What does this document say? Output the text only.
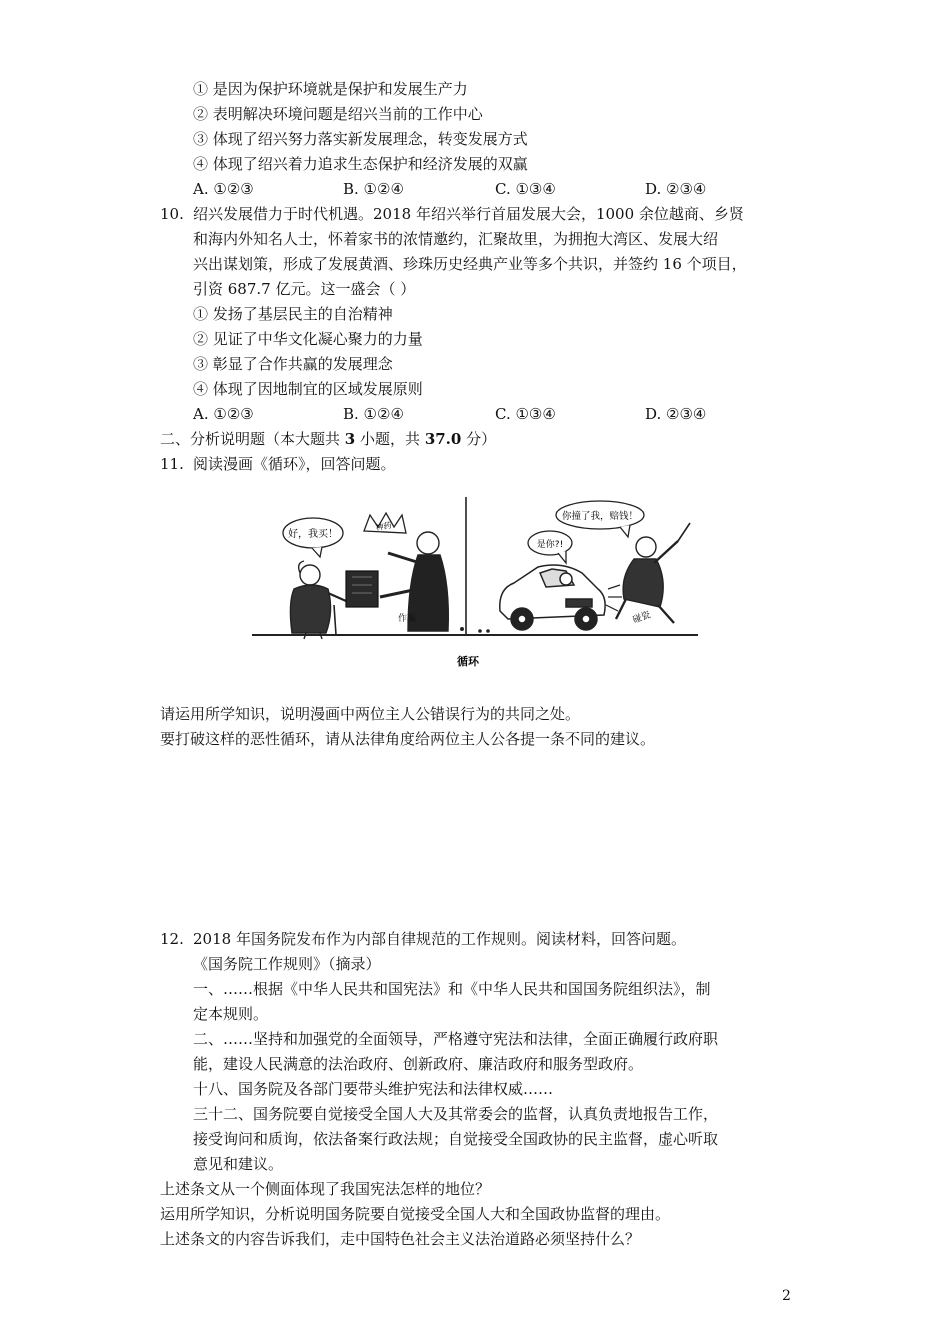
① 是因为保护环境就是保护和发展生产力
② 表明解决环境问题是绍兴当前的工作中心
③ 体现了绍兴努力落实新发展理念，转变发展方式
④ 体现了绍兴着力追求生态保护和经济发展的双赢
A. ①②③	B. ①②④	C. ①③④	D. ②③④
10. 绍兴发展借力于时代机遇。2018 年绍兴举行首届发展大会，1000 余位越商、乡贤
和海内外知名人士，怀着家书的浓情邀约，汇聚故里，为拥抱大湾区、发展大绍
兴出谋划策，形成了发展黄酒、珍珠历史经典产业等多个共识，并签约 16 个项目，
引资 687.7 亿元。这一盛会（ ）
① 发扬了基层民主的自治精神
② 见证了中华文化凝心聚力的力量
③ 彰显了合作共赢的发展理念
④ 体现了因地制宜的区域发展原则
A. ①②③	B. ①②④	C. ①③④	D. ②③④
二、分析说明题（本大题共 3 小题，共 37.0 分）
11. 阅读漫画《循环》，回答问题。
好，我买！
神药
作骗
你撞了我，赔钱！
是你?!
碰瓷
循环
请运用所学知识，说明漫画中两位主人公错误行为的共同之处。
要打破这样的恶性循环，请从法律角度给两位主人公各提一条不同的建议。
12. 2018 年国务院发布作为内部自律规范的工作规则。阅读材料，回答问题。
《国务院工作规则》（摘录）
一、……根据《中华人民共和国宪法》和《中华人民共和国国务院组织法》，制
定本规则。
二、……坚持和加强党的全面领导，严格遵守宪法和法律，全面正确履行政府职
能，建设人民满意的法治政府、创新政府、廉洁政府和服务型政府。
十八、国务院及各部门要带头维护宪法和法律权威……
三十二、国务院要自觉接受全国人大及其常委会的监督，认真负责地报告工作，
接受询问和质询，依法备案行政法规；自觉接受全国政协的民主监督，虚心听取
意见和建议。
上述条文从一个侧面体现了我国宪法怎样的地位？
运用所学知识，分析说明国务院要自觉接受全国人大和全国政协监督的理由。
上述条文的内容告诉我们，走中国特色社会主义法治道路必须坚持什么？
2
